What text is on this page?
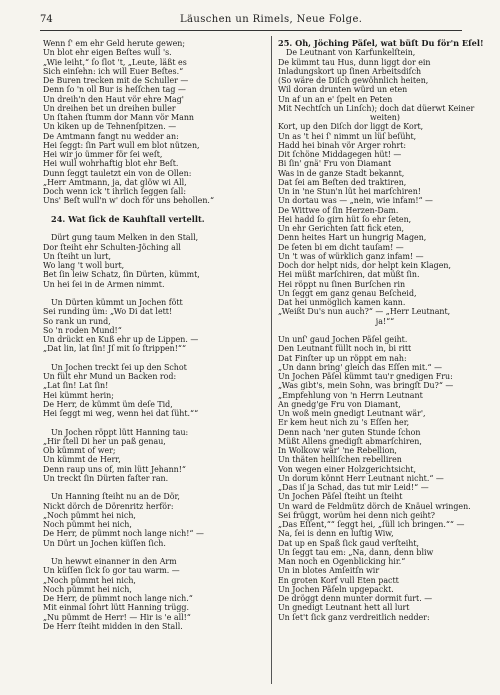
74	Läuschen un Rimels, Neue Folge.
Wenn ſ' em ehr Geld herute gewen;
Un blot ehr eigen Beſtes wull 's.
„Wie leiht,“ ſo ſlot 't, „Leute, läßt es
Sich einſehn: ich will Euer Beſtes.“
De Buren trecken mit de Schuller —
Denn ſo 'n oll Bur is heſſchen tag —
Un dreih'n den Haut vör ehre Mag'
Un dreihen bet un dreihen buller
Un ſtahen ſtumm dor Mann vör Mann
Un kiken up de Tehnenſpitzen. —
De Amtmann fangt nu wedder an:
Hei ſeggt: ſin Part wull em blot nützen,
Hei wir jo ümmer för ſei weſt,
Hei wull wohrhaftig blot ehr Beſt.
Dunn ſeggt tauletzt ein von de Ollen:
„Herr Amtmann, ja, dat glöw wi All,
Doch wenn ick 't ihrlich ſeggen ſall:
Uns' Beſt wull'n w' doch för uns behollen.“
24. Wat ſick de Kauhſtall vertellt.
Dürt gung taum Melken in den Stall,
Dor ſteiht ehr Schulten-Jöching all
Un ſteiht un lurt,
Wo lang 't woll burt,
Bet ſin leiw Schatz, ſin Dürten, kümmt,
Un hei ſei in de Armen nimmt.
Un Dürten kümmt un Jochen fött
Sei runding üm: „Wo Di dat lett!
So rank un rund,
So 'n roden Mund!“
Un drückt en Kuß ehr up de Lippen. —
„Dat lin, lat ſin! Jſ mit ſo ſtrippen!““
Un Jochen treckt ſei up den Schot
Un fült ehr Mund un Backen rod:
„Lat ſin! Lat ſin!
Hei kümmt herin;
De Herr, de kümmt üm deſe Tid,
Hei ſeggt mi weg, wenn hei dat ſüht.““
Un Jochen röppt lütt Hanning tau:
„Hir ſtell Di her un paß genau,
Ob kümmt of wer;
Un kümmt de Herr,
Denn raup uns of, min lütt Jehann!“
Un treckt ſin Dürten faſter ran.
Un Hanning ſteiht nu an de Dör,
Nickt dörch de Dörenritz herför:
„Noch pümmt hei nich,
Noch pümmt hei nich,
De Herr, de pümmt noch lange nich!“ —
Un Dürt un Jochen küſſen ſich.
Un hewwt einanner in den Arm
Un küſſen ſick ſo gor tau warm. —
„Noch pümmt hei nich,
Noch pümmt hei nich,
De Herr, de pümmt noch lange nich.“
Mit einmal ſohrt lütt Hanning trügg.
„Nu pümmt de Herr! — Hir is 'e all!“
De Herr ſteiht midden in den Stall.
25. Oh, Jöching Päſel, wat büſt Du för'n Eſel!
De Leutnant von Karfunkelſtein,
De kümmt tau Hus, dunn liggt dor ein
Inladungskort up ſinen Arbeitsdiſch
(So wäre de Diſch gewöhnlich heiten,
Wil doran drunten würd un eten
Un af un an e' ſpelt en Peten
Mit Nechtſch un Linſch); doch dat düerwt Keiner
weiten)
Kort, up den Diſch dor liggt de Kort,
Un as 't hei ſ' nimmt un lüſ beſüht,
Hadd hei binah vör Arger rohrt:
Dit ſchöne Middagegen hüt! —
Bi ſin' gnä' Fru von Diamant
Was in de ganze Stadt bekannt,
Dat ſei am Beſten ded traktiren,
Un in 'ne Stun'n lüt hei marſchiren!
Un dortau was — „nein, wie infam!“ —
De Wittwe of ſin Herzen-Dam.
Hei hadd ſo girn hüt ſo ehr ſeten,
Un ehr Gerichten ſatt fick eten,
Denn heites Hart un hungrig Magen,
De ſeten bi em dicht tauſam! —
Un 't was of würklich ganz infam! —
Doch dor helpt nids, dor helpt kein Klagen,
Hei müßt marſchiren, dat müßt ſin.
Hei röppt nu ſinen Burſchen rin
Un ſeggt em ganz genau Beſcheid,
Dat hei unmöglich kamen kann.
„Weißt Du's nun auch?“ — „Herr Leutnant,
ja!““
Un unſ' gaud Jochen Päſel geiht.
Den Leutnant füllt noch in, bi ritt
Dat Finſter up un röppt em nah:
„Un dann bring' gleich das Eſſen mit.“ —
Un Jochen Päſel kümmt tau'r gnedigen Fru:
„Was gibt's, mein Sohn, was bringſt Du?“ —
„Empfehlung von 'n Herrn Leutnant
An gnedg'ge Fru von Diamant,
Un woß mein gnedigt Leutnant wär',
Er kem heut nich zu 's Eſſen her,
Denn nach 'ner guten Stunde ſchon
Müßt Allens gnedigſt abmarſchiren,
In Wolkow wär' 'ne Rebellion,
Un thäten helliſchen rebelliren
Von wegen einer Holzgerichtsicht,
Un dorum könnt Herr Leutnant nicht.“ —
„Das iſ ja Schad, das tut mir Leid!“ —
Un Jochen Päſel ſteiht un ſteiht
Un ward de Feldmütz dörch de Knäuel wringen.
Sei früggt, worüm hei denn nich geiht?
„Das Eſſent,““ ſeggt hei, „ſüll ich bringen.““ —
Na, ſei is denn en luſtig Wiw,
Dat up en Spaß ſick gaud verſteiht,
Un ſeggt tau em: „Na, dann, denn bliw
Man noch en Ogenblicking hir.“
Un in blotes Amſeitſn wir
En groten Korf vull Eten pactt
Un Jochen Päſeln upgepackt.
De dröggt denn munter dormit furt. —
Un gnedigt Leutnant hett all lurt
Un ſet't ſick ganz verdreitlich nedder:
